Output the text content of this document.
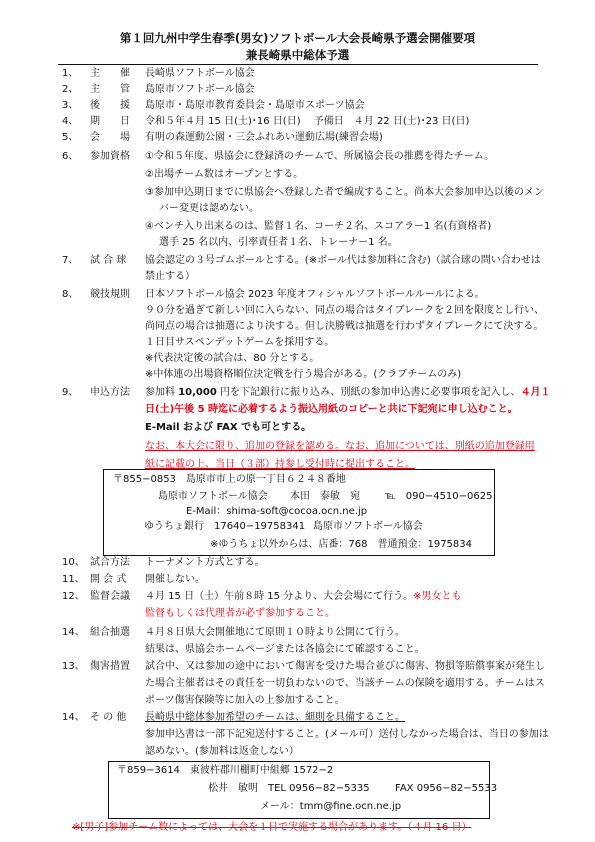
第１回九州中学生春季(男女)ソフトボール大会長崎県予選会開催要項
兼長崎県中総体予選
1、 主　　催 長崎県ソフトボール協会
2、 主　　管 島原市ソフトボール協会
3、 後　　援 島原市・島原市教育委員会・島原市スポーツ協会
4、 期　　日 令和５年４月 15 日(土)･16 日(日)　 予備日　４月 22 日(土)･23 日(日)
5、 会　　場 有明の森運動公園・三会ふれあい運動広場(練習会場)
6、 参加資格 ①令和５年度、県協会に登録済のチームで、所属協会長の推薦を得たチーム。
②出場チーム数はオープンとする。
③参加申込期日までに県協会へ登録した者で編成すること。尚本大会参加申込以後のメン
バー変更は認めない。
④ベンチ入り出来るのは、監督１名、コーチ２名、スコアラー1 名(有資格者)
選手 25 名以内、引率責任者１名、トレーナー1 名。
7、 試 合 球 協会認定の３号ゴムボールとする。(※ボール代は参加料に含む)（試合球の問い合わせは
禁止する）
8、 競技規則 日本ソフトボール協会 2023 年度オフィシャルソフトボールルールによる。
９０分を過ぎて新しい回に入らない、同点の場合はタイブレークを２回を限度とし行い、
尚同点の場合は抽選により決する。但し決勝戦は抽選を行わずタイブレークにて決する。
１日目サスペンデットゲームを採用する。
※代表決定後の試合は、80 分とする。
※中体連の出場資格順位決定戦を行う場合がある。(クラブチームのみ)
9、 申込方法 参加料 10,000 円を下記銀行に振り込み、別紙の参加申込書に必要事項を記入し、４月１
日(土)午後 5 時迄に必着するよう振込用紙のコピーと共に下記宛に申し込むこと。
E-Mail および FAX でも可とする。
なお、本大会に限り、追加の登録を認める。なお、追加については、別紙の追加登録用
紙に記載の上、当日（３部）持参し受付時に提出すること。
〒855−0853　島原市市上の原一丁目６２４８番地
島原市ソフトボール協会 本田　泰敏　宛	℡　090−4510−0625
E-Mail：shima-soft@cocoa.ocn.ne.jp
ゆうちょ銀行　17640−19758341 島原市ソフトボール協会
※ゆうちょ以外からは、店番：768　普通預金：1975834
10、 試合方法 トーナメント方式とする。
11、 開 会 式 開催しない。
12、 監督会議 ４月 15 日（土）午前８時 15 分より、大会会場にて行う。※男女とも
監督もしくは代理者が必ず参加すること。
14、 組合抽選 ４月８日県大会開催地にて原則１０時より公開にて行う。
結果は、県協会ホームページまたは各協会にて確認すること。
13、 傷害措置 試合中、又は参加の途中において傷害を受けた場合並びに傷害、物損等賠償事案が発生し
た場合主催者はその責任を一切負わないので、当該チームの保険を適用する。チームはス
ポーツ傷害保険等に加入の上参加すること。
14、 そ の 他 長崎県中総体参加希望のチームは、細則を具備すること。
参加申込書は一部下記宛送付すること。(メール可）送付しなかった場合は、当日の参加は
認めない。(参加料は返金しない）
〒859−3614　東彼杵郡川棚町中組郷 1572−2
松井　敏明　TEL 0956−82−5335	FAX 0956−82−5533
メール：tmm@fine.ocn.ne.jp
※[男子]参加チーム数によっては、大会を１日で実施する場合があります。（４月 16 日）
